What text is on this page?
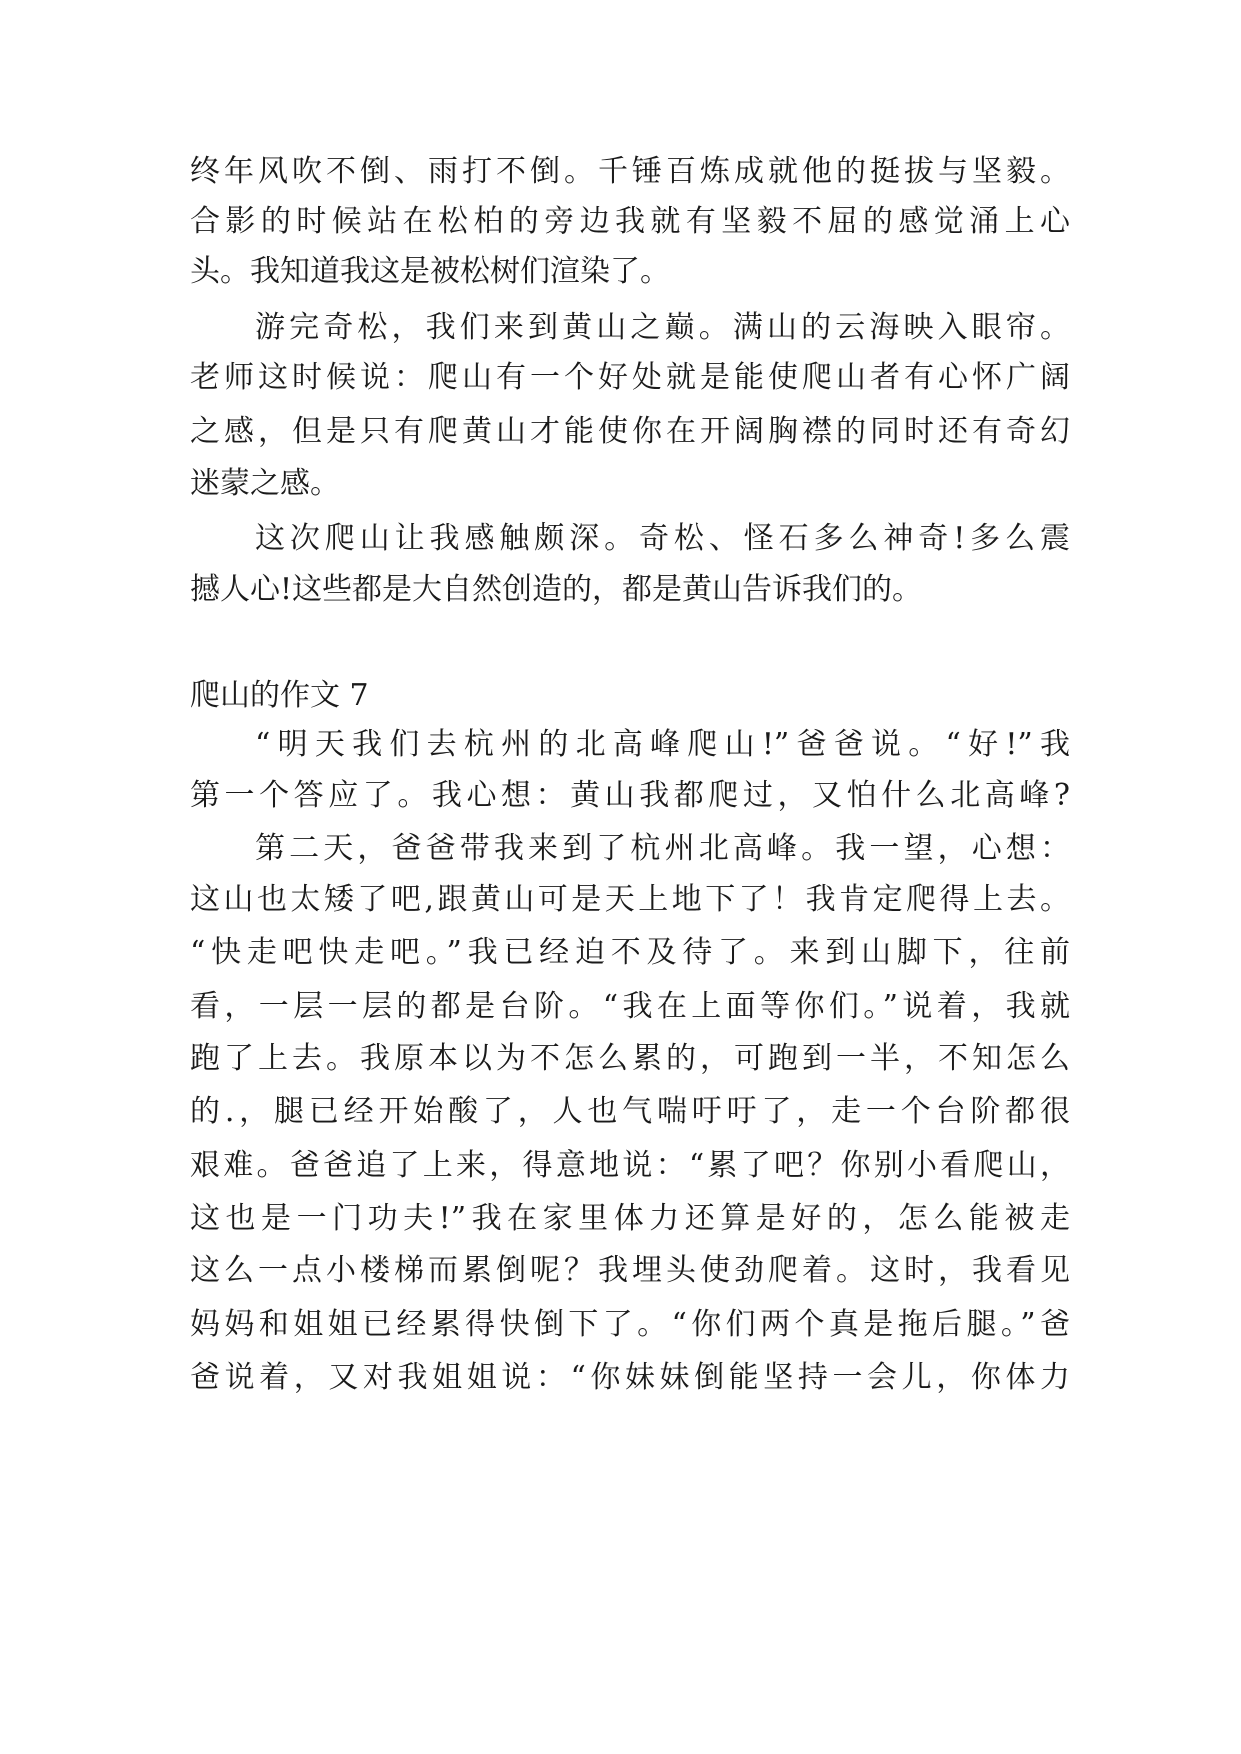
终年风吹不倒、雨打不倒。千锤百炼成就他的挺拔与坚毅。
合影的时候站在松柏的旁边我就有坚毅不屈的感觉涌上心
头。我知道我这是被松树们渲染了。
游完奇松，我们来到黄山之巅。满山的云海映入眼帘。
老师这时候说：爬山有一个好处就是能使爬山者有心怀广阔
之感，但是只有爬黄山才能使你在开阔胸襟的同时还有奇幻
迷蒙之感。
这次爬山让我感触颇深。奇松、怪石多么神奇!多么震
撼人心!这些都是大自然创造的，都是黄山告诉我们的。
爬山的作文 7
“明天我们去杭州的北高峰爬山!”爸爸说。“好!”我
第一个答应了。我心想：黄山我都爬过，又怕什么北高峰?
第二天，爸爸带我来到了杭州北高峰。我一望，心想：
这山也太矮了吧,跟黄山可是天上地下了！我肯定爬得上去。
“快走吧快走吧。”我已经迫不及待了。来到山脚下，往前
看，一层一层的都是台阶。“我在上面等你们。”说着，我就
跑了上去。我原本以为不怎么累的，可跑到一半，不知怎么
的.，腿已经开始酸了，人也气喘吁吁了，走一个台阶都很
艰难。爸爸追了上来，得意地说：“累了吧？你别小看爬山，
这也是一门功夫!”我在家里体力还算是好的，怎么能被走
这么一点小楼梯而累倒呢？我埋头使劲爬着。这时，我看见
妈妈和姐姐已经累得快倒下了。“你们两个真是拖后腿。”爸
爸说着，又对我姐姐说：“你妹妹倒能坚持一会儿，你体力
